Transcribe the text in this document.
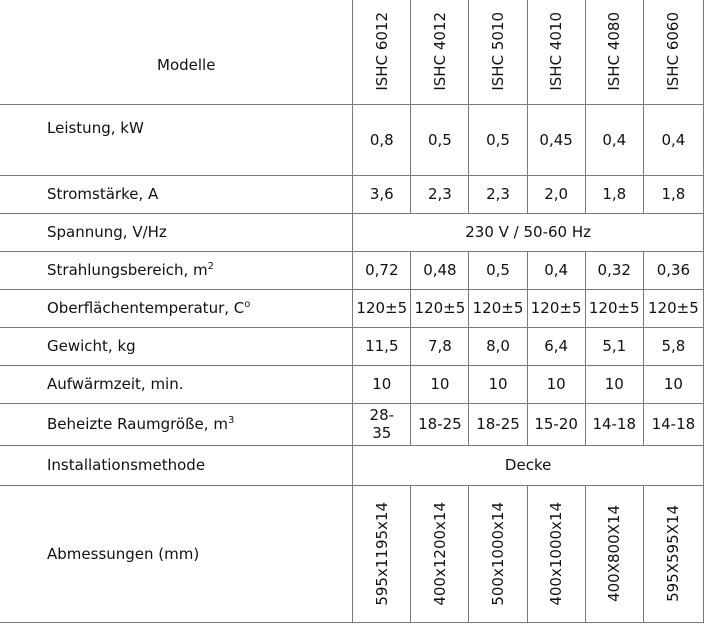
Modelle	ISHC 6012	ISHC 4012	ISHC 5010	ISHC 4010	ISHC 4080	ISHC 6060
Leistung, kW	0,8	0,5	0,5	0,45	0,4	0,4
Stromstärke, A	3,6	2,3	2,3	2,0	1,8	1,8
Spannung, V/Hz	230 V / 50-60 Hz					
Strahlungsbereich, $m^2$	0,72	0,48	0,5	0,4	0,32	0,36
Oberflächentemperatur, $C^o$	120±5	120±5	120±5	120±5	120±5	120±5
Gewicht, kg	11,5	7,8	8,0	6,4	5,1	5,8
Aufwärmzeit, min.	10	10	10	10	10	10
Beheizte Raumgröße, $m^3$	28-35	18-25	18-25	15-20	14-18	14-18
Installationsmethode	Decke					
Abmessungen (mm)	595x1195x14	400x1200x14	500x1000x14	400x1000x14	400X800X14	595X595X14
